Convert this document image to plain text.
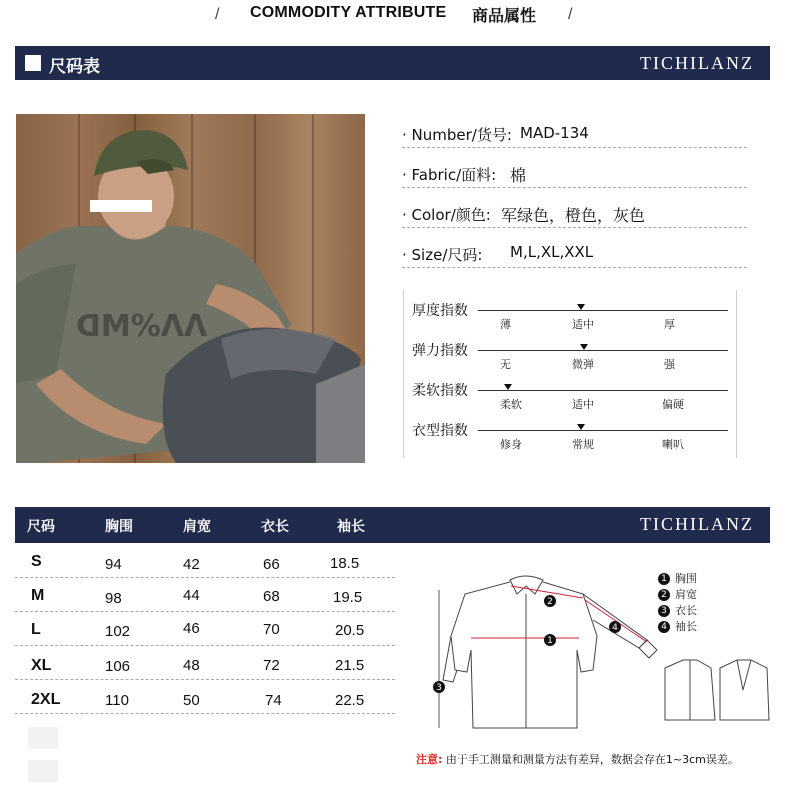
/ COMMODITY ATTRIBUTE 商品属性 /
尺码表	TICHILANZ
ᗡM%ɅɅ
· Number/货号: MAD-134
· Fabric/面料: 棉
· Color/颜色: 军绿色，橙色，灰色
· Size/尺码: M,L,XL,XXL
厚度指数
薄	适中	厚
弹力指数
无	微弹	强
柔软指数
柔软	适中	偏硬
衣型指数
修身	常规	喇叭
尺码	胸围	肩宽	衣长	袖长	TICHILANZ
S	94	42	66	18.5
M	98	44	68	19.5
L	102	46	70	20.5
XL	106	48	72	21.5
2XL	110	50	74	22.5
1
2
3
4
1 胸围
2 肩宽
3 衣长
4 袖长
注意: 由于手工测量和测量方法有差异，数据会存在1~3cm误差。
